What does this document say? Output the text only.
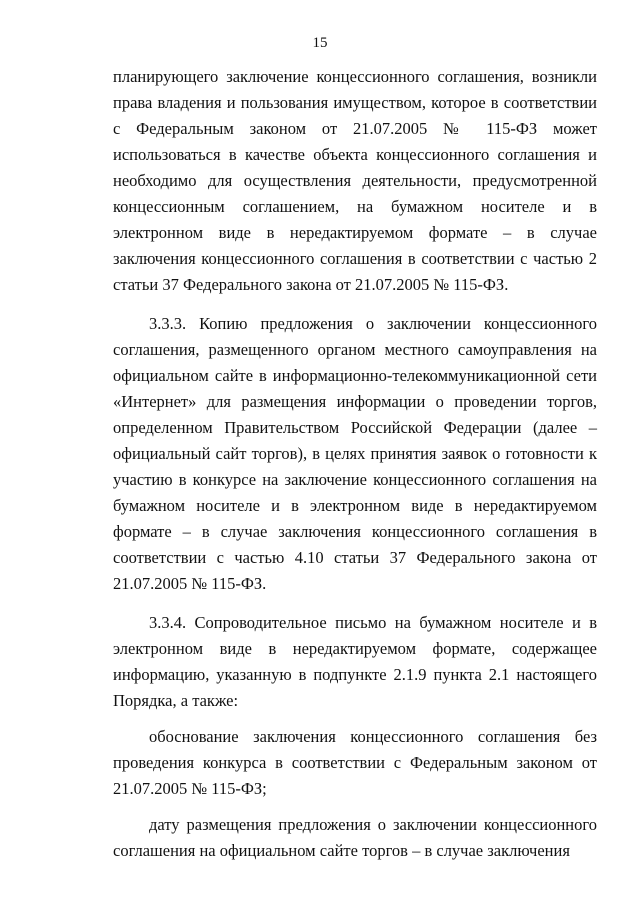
15

планирующего заключение концессионного соглашения, возникли права владения и пользования имуществом, которое в соответствии с Федеральным законом от 21.07.2005 № 115-ФЗ может использоваться в качестве объекта концессионного соглашения и необходимо для осуществления деятельности, предусмотренной концессионным соглашением, на бумажном носителе и в электронном виде в нередактируемом формате – в случае заключения концессионного соглашения в соответствии с частью 2 статьи 37 Федерального закона от 21.07.2005 № 115-ФЗ.

3.3.3. Копию предложения о заключении концессионного соглашения, размещенного органом местного самоуправления на официальном сайте в информационно-телекоммуникационной сети «Интернет» для размещения информации о проведении торгов, определенном Правительством Российской Федерации (далее – официальный сайт торгов), в целях принятия заявок о готовности к участию в конкурсе на заключение концессионного соглашения на бумажном носителе и в электронном виде в нередактируемом формате – в случае заключения концессионного соглашения в соответствии с частью 4.10 статьи 37 Федерального закона от 21.07.2005 № 115-ФЗ.

3.3.4. Сопроводительное письмо на бумажном носителе и в электронном виде в нередактируемом формате, содержащее информацию, указанную в подпункте 2.1.9 пункта 2.1 настоящего Порядка, а также:

обоснование заключения концессионного соглашения без проведения конкурса в соответствии с Федеральным законом от 21.07.2005 № 115-ФЗ;

дату размещения предложения о заключении концессионного соглашения на официальном сайте торгов – в случае заключения
